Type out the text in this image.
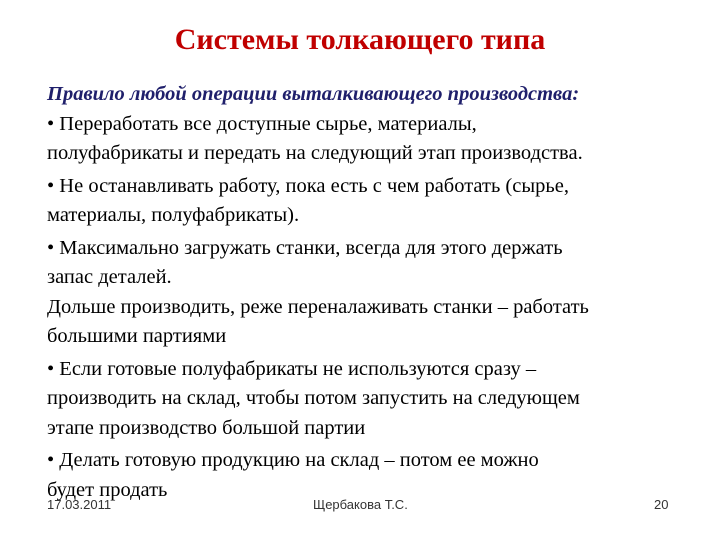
Системы толкающего типа

Правило любой операции выталкивающего производства:

• Переработать все доступные сырье, материалы,
полуфабрикаты и передать на следующий этап производства.
• Не останавливать работу, пока есть с чем работать (сырье,
материалы, полуфабрикаты).
• Максимально загружать станки, всегда для этого держать
запас деталей.
Дольше производить, реже переналаживать станки – работать
большими партиями
• Если готовые полуфабрикаты не используются сразу –
производить на склад, чтобы потом запустить на следующем
этапе производство большой партии
• Делать готовую продукцию на склад – потом ее можно
будет продать
17.03.2011	Щербакова Т.С.	20
